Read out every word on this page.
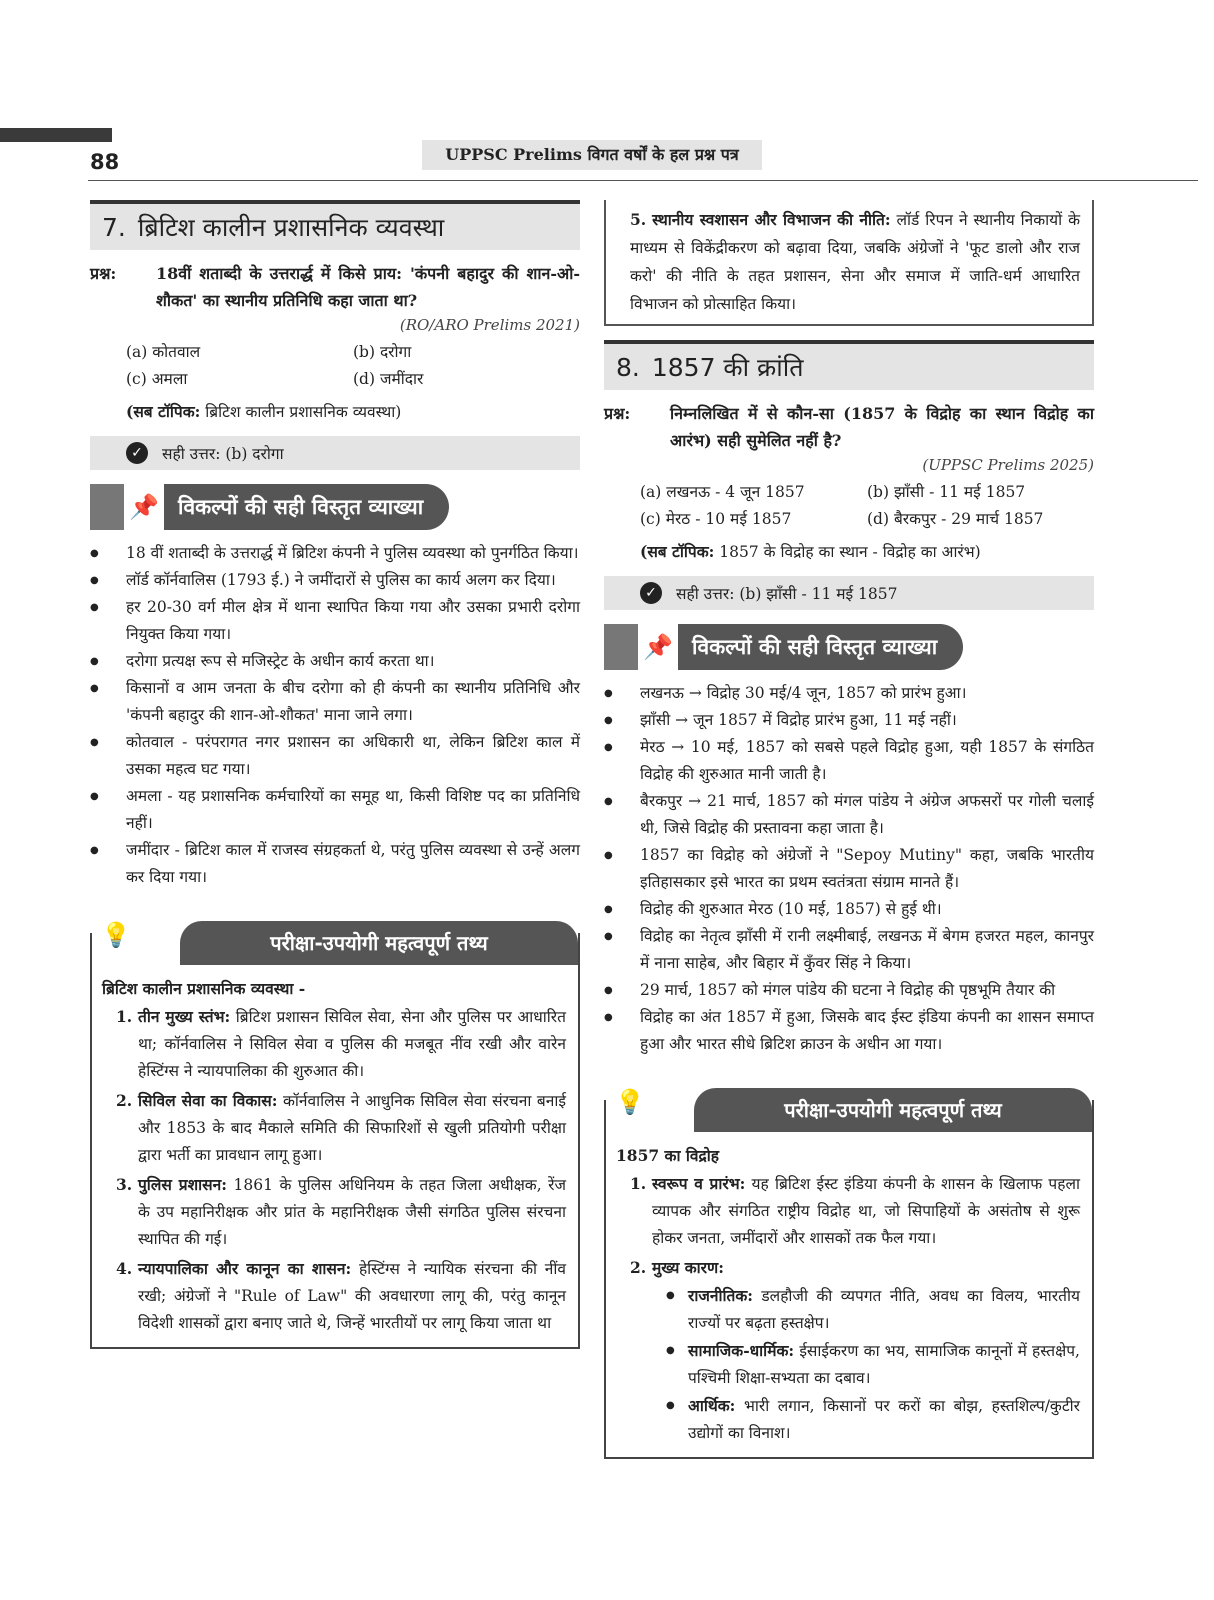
88	UPPSC Prelims विगत वर्षों के हल प्रश्न पत्र
7. ब्रिटिश कालीन प्रशासनिक व्यवस्था
प्रश्न:	18वीं शताब्दी के उत्तरार्द्ध में किसे प्राय: 'कंपनी बहादुर की शान-ओ-शौकत' का स्थानीय प्रतिनिधि कहा जाता था?
(RO/ARO Prelims 2021)
(a) कोतवाल	(b) दरोगा
(c) अमला	(d) जमींदार
(सब टॉपिक: ब्रिटिश कालीन प्रशासनिक व्यवस्था)
✓	सही उत्तर: (b) दरोगा
📌 विकल्पों की सही विस्तृत व्याख्या
● 18 वीं शताब्दी के उत्तरार्द्ध में ब्रिटिश कंपनी ने पुलिस व्यवस्था को पुनर्गठित किया।
● लॉर्ड कॉर्नवालिस (1793 ई.) ने जमींदारों से पुलिस का कार्य अलग कर दिया।
● हर 20-30 वर्ग मील क्षेत्र में थाना स्थापित किया गया और उसका प्रभारी दरोगा नियुक्त किया गया।
● दरोगा प्रत्यक्ष रूप से मजिस्ट्रेट के अधीन कार्य करता था।
● किसानों व आम जनता के बीच दरोगा को ही कंपनी का स्थानीय प्रतिनिधि और 'कंपनी बहादुर की शान-ओ-शौकत' माना जाने लगा।
● कोतवाल - परंपरागत नगर प्रशासन का अधिकारी था, लेकिन ब्रिटिश काल में उसका महत्व घट गया।
● अमला - यह प्रशासनिक कर्मचारियों का समूह था, किसी विशिष्ट पद का प्रतिनिधि नहीं।
● जमींदार - ब्रिटिश काल में राजस्व संग्रहकर्ता थे, परंतु पुलिस व्यवस्था से उन्हें अलग कर दिया गया।
💡	परीक्षा-उपयोगी महत्वपूर्ण तथ्य
ब्रिटिश कालीन प्रशासनिक व्यवस्था -
1. तीन मुख्य स्तंभ: ब्रिटिश प्रशासन सिविल सेवा, सेना और पुलिस पर आधारित था; कॉर्नवालिस ने सिविल सेवा व पुलिस की मजबूत नींव रखी और वारेन हेस्टिंग्स ने न्यायपालिका की शुरुआत की।
2. सिविल सेवा का विकास: कॉर्नवालिस ने आधुनिक सिविल सेवा संरचना बनाई और 1853 के बाद मैकाले समिति की सिफारिशों से खुली प्रतियोगी परीक्षा द्वारा भर्ती का प्रावधान लागू हुआ।
3. पुलिस प्रशासन: 1861 के पुलिस अधिनियम के तहत जिला अधीक्षक, रेंज के उप महानिरीक्षक और प्रांत के महानिरीक्षक जैसी संगठित पुलिस संरचना स्थापित की गई।
4. न्यायपालिका और कानून का शासन: हेस्टिंग्स ने न्यायिक संरचना की नींव रखी; अंग्रेजों ने "Rule of Law" की अवधारणा लागू की, परंतु कानून विदेशी शासकों द्वारा बनाए जाते थे, जिन्हें भारतीयों पर लागू किया जाता था
5. स्थानीय स्वशासन और विभाजन की नीति: लॉर्ड रिपन ने स्थानीय निकायों के माध्यम से विकेंद्रीकरण को बढ़ावा दिया, जबकि अंग्रेजों ने 'फूट डालो और राज करो' की नीति के तहत प्रशासन, सेना और समाज में जाति-धर्म आधारित विभाजन को प्रोत्साहित किया।
8. 1857 की क्रांति
प्रश्न:	निम्नलिखित में से कौन-सा (1857 के विद्रोह का स्थान विद्रोह का आरंभ) सही सुमेलित नहीं है?
(UPPSC Prelims 2025)
(a) लखनऊ - 4 जून 1857	(b) झाँसी - 11 मई 1857
(c) मेरठ - 10 मई 1857	(d) बैरकपुर - 29 मार्च 1857
(सब टॉपिक: 1857 के विद्रोह का स्थान - विद्रोह का आरंभ)
✓	सही उत्तर: (b) झाँसी - 11 मई 1857
📌 विकल्पों की सही विस्तृत व्याख्या
● लखनऊ → विद्रोह 30 मई/4 जून, 1857 को प्रारंभ हुआ।
● झाँसी → जून 1857 में विद्रोह प्रारंभ हुआ, 11 मई नहीं।
● मेरठ → 10 मई, 1857 को सबसे पहले विद्रोह हुआ, यही 1857 के संगठित विद्रोह की शुरुआत मानी जाती है।
● बैरकपुर → 21 मार्च, 1857 को मंगल पांडेय ने अंग्रेज अफसरों पर गोली चलाई थी, जिसे विद्रोह की प्रस्तावना कहा जाता है।
● 1857 का विद्रोह को अंग्रेजों ने "Sepoy Mutiny" कहा, जबकि भारतीय इतिहासकार इसे भारत का प्रथम स्वतंत्रता संग्राम मानते हैं।
● विद्रोह की शुरुआत मेरठ (10 मई, 1857) से हुई थी।
● विद्रोह का नेतृत्व झाँसी में रानी लक्ष्मीबाई, लखनऊ में बेगम हजरत महल, कानपुर में नाना साहेब, और बिहार में कुँवर सिंह ने किया।
● 29 मार्च, 1857 को मंगल पांडेय की घटना ने विद्रोह की पृष्ठभूमि तैयार की
● विद्रोह का अंत 1857 में हुआ, जिसके बाद ईस्ट इंडिया कंपनी का शासन समाप्त हुआ और भारत सीधे ब्रिटिश क्राउन के अधीन आ गया।
💡	परीक्षा-उपयोगी महत्वपूर्ण तथ्य
1857 का विद्रोह
1. स्वरूप व प्रारंभ: यह ब्रिटिश ईस्ट इंडिया कंपनी के शासन के खिलाफ पहला व्यापक और संगठित राष्ट्रीय विद्रोह था, जो सिपाहियों के असंतोष से शुरू होकर जनता, जमींदारों और शासकों तक फैल गया।
2. मुख्य कारण:
● राजनीतिक: डलहौजी की व्यपगत नीति, अवध का विलय, भारतीय राज्यों पर बढ़ता हस्तक्षेप।
● सामाजिक-धार्मिक: ईसाईकरण का भय, सामाजिक कानूनों में हस्तक्षेप, पश्चिमी शिक्षा-सभ्यता का दबाव।
● आर्थिक: भारी लगान, किसानों पर करों का बोझ, हस्तशिल्प/कुटीर उद्योगों का विनाश।
